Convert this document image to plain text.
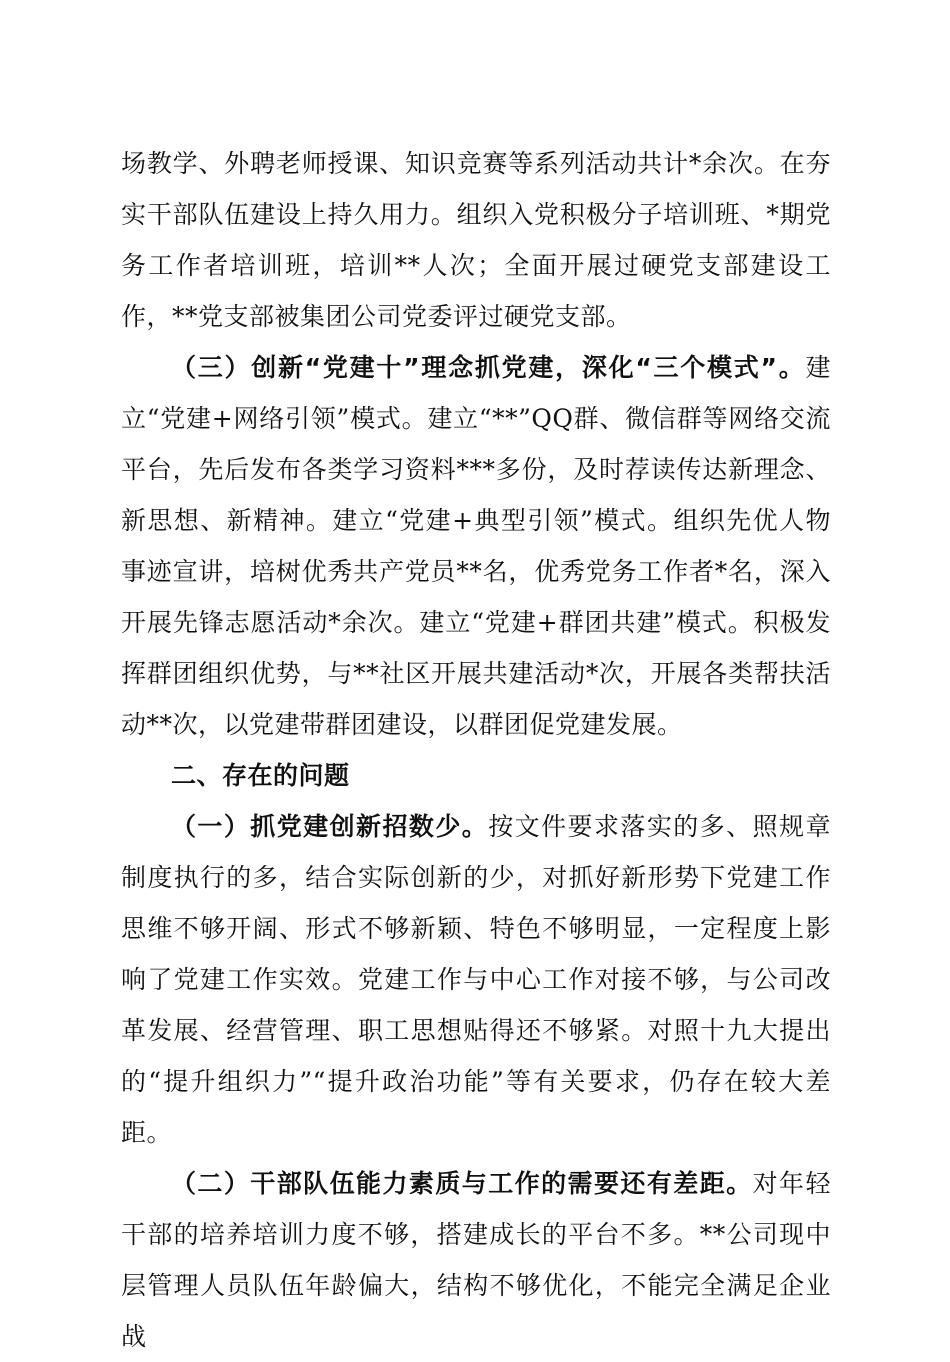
场教学、外聘老师授课、知识竞赛等系列活动共计*余次。在夯实干部队伍建设上持久用力。组织入党积极分子培训班、*期党务工作者培训班，培训**人次；全面开展过硬党支部建设工作，**党支部被集团公司党委评过硬党支部。

（三）创新“党建十”理念抓党建，深化“三个模式”。建立“党建+网络引领”模式。建立“**”QQ群、微信群等网络交流平台，先后发布各类学习资料***多份，及时荐读传达新理念、新思想、新精神。建立“党建+典型引领”模式。组织先优人物事迹宣讲，培树优秀共产党员**名，优秀党务工作者*名，深入开展先锋志愿活动*余次。建立“党建+群团共建”模式。积极发挥群团组织优势，与**社区开展共建活动*次，开展各类帮扶活动**次，以党建带群团建设，以群团促党建发展。

二、存在的问题

（一）抓党建创新招数少。按文件要求落实的多、照规章制度执行的多，结合实际创新的少，对抓好新形势下党建工作思维不够开阔、形式不够新颖、特色不够明显，一定程度上影响了党建工作实效。党建工作与中心工作对接不够，与公司改革发展、经营管理、职工思想贴得还不够紧。对照十九大提出的“提升组织力”“提升政治功能”等有关要求，仍存在较大差距。

（二）干部队伍能力素质与工作的需要还有差距。对年轻干部的培养培训力度不够，搭建成长的平台不多。**公司现中层管理人员队伍年龄偏大，结构不够优化，不能完全满足企业战
